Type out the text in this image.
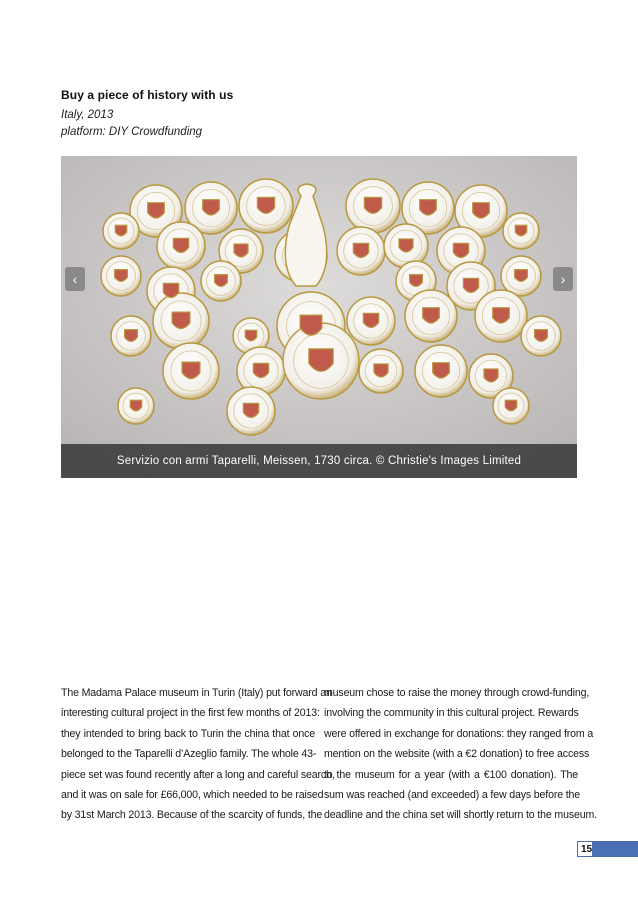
Buy a piece of history with us
Italy, 2013
platform: DIY Crowdfunding
‹	›
Servizio con armi Taparelli, Meissen, 1730 circa. © Christie's Images Limited
The Madama Palace museum in Turin (Italy) put forward an
interesting cultural project in the first few months of 2013:
they intended to bring back to Turin the china that once
belonged to the Taparelli d’Azeglio family. The whole 43-
piece set was found recently after a long and careful search,
and it was on sale for £66,000, which needed to be raised
by 31st March 2013. Because of the scarcity of funds, the
museum chose to raise the money through crowd-funding,
involving the community in this cultural project. Rewards
were offered in exchange for donations: they ranged from a
mention on the website (with a €2 donation) to free access
to the museum for a year (with a €100 donation). The
sum was reached (and exceeded) a few days before the
deadline and the china set will shortly return to the museum.
15
